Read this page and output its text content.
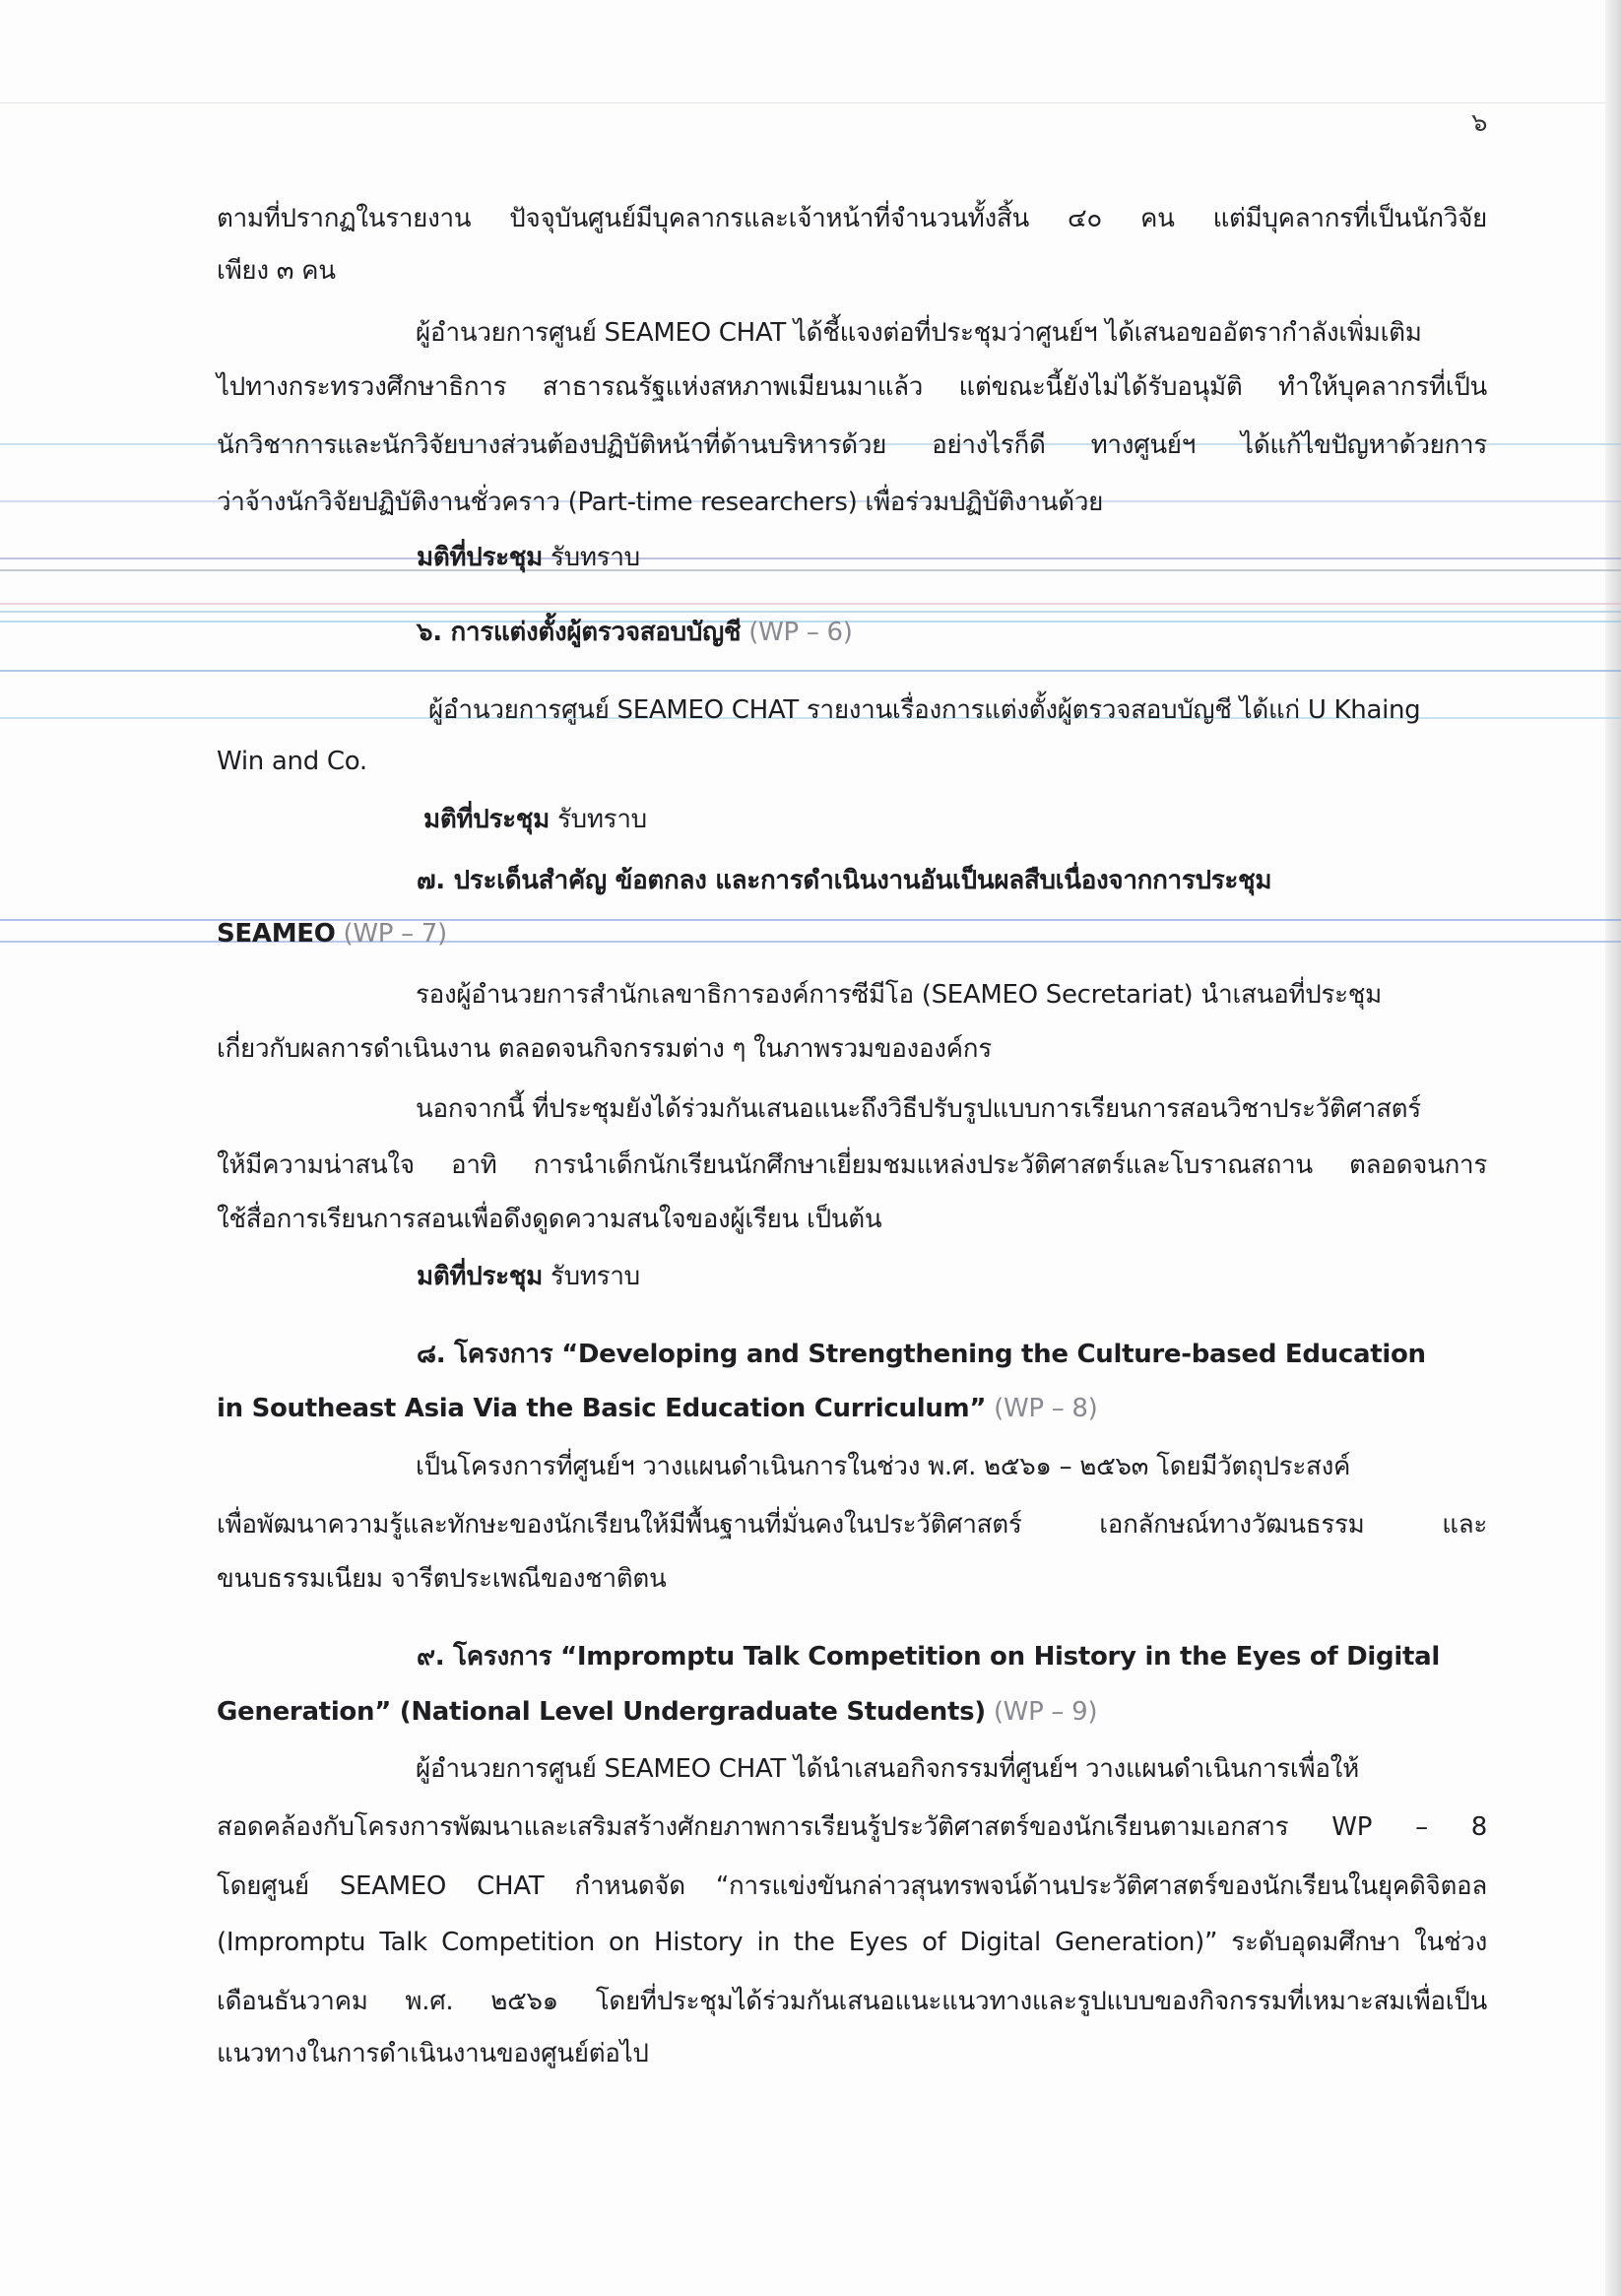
๖
ตามที่ปรากฏในรายงาน ปัจจุบันศูนย์มีบุคลากรและเจ้าหน้าที่จำนวนทั้งสิ้น ๔๐ คน แต่มีบุคลากรที่เป็นนักวิจัย
เพียง ๓ คน
ผู้อำนวยการศูนย์ SEAMEO CHAT ได้ชี้แจงต่อที่ประชุมว่าศูนย์ฯ ได้เสนอขออัตรากำลังเพิ่มเติม
ไปทางกระทรวงศึกษาธิการ สาธารณรัฐแห่งสหภาพเมียนมาแล้ว แต่ขณะนี้ยังไม่ได้รับอนุมัติ ทำให้บุคลากรที่เป็น
นักวิชาการและนักวิจัยบางส่วนต้องปฏิบัติหน้าที่ด้านบริหารด้วย อย่างไรก็ดี ทางศูนย์ฯ ได้แก้ไขปัญหาด้วยการ
ว่าจ้างนักวิจัยปฏิบัติงานชั่วคราว (Part-time researchers) เพื่อร่วมปฏิบัติงานด้วย
มติที่ประชุม รับทราบ
๖. การแต่งตั้งผู้ตรวจสอบบัญชี (WP – 6)
ผู้อำนวยการศูนย์ SEAMEO CHAT รายงานเรื่องการแต่งตั้งผู้ตรวจสอบบัญชี ได้แก่ U Khaing
Win and Co.
มติที่ประชุม รับทราบ
๗. ประเด็นสำคัญ ข้อตกลง และการดำเนินงานอันเป็นผลสืบเนื่องจากการประชุม
SEAMEO (WP – 7)
รองผู้อำนวยการสำนักเลขาธิการองค์การซีมีโอ (SEAMEO Secretariat) นำเสนอที่ประชุม
เกี่ยวกับผลการดำเนินงาน ตลอดจนกิจกรรมต่าง ๆ ในภาพรวมขององค์กร
นอกจากนี้ ที่ประชุมยังได้ร่วมกันเสนอแนะถึงวิธีปรับรูปแบบการเรียนการสอนวิชาประวัติศาสตร์
ให้มีความน่าสนใจ อาทิ การนำเด็กนักเรียนนักศึกษาเยี่ยมชมแหล่งประวัติศาสตร์และโบราณสถาน ตลอดจนการ
ใช้สื่อการเรียนการสอนเพื่อดึงดูดความสนใจของผู้เรียน เป็นต้น
มติที่ประชุม รับทราบ
๘. โครงการ “Developing and Strengthening the Culture-based Education
in Southeast Asia Via the Basic Education Curriculum” (WP – 8)
เป็นโครงการที่ศูนย์ฯ วางแผนดำเนินการในช่วง พ.ศ. ๒๕๖๑ – ๒๕๖๓ โดยมีวัตถุประสงค์
เพื่อพัฒนาความรู้และทักษะของนักเรียนให้มีพื้นฐานที่มั่นคงในประวัติศาสตร์ เอกลักษณ์ทางวัฒนธรรม และ
ขนบธรรมเนียม จารีตประเพณีของชาติตน
๙. โครงการ “Impromptu Talk Competition on History in the Eyes of Digital
Generation” (National Level Undergraduate Students) (WP – 9)
ผู้อำนวยการศูนย์ SEAMEO CHAT ได้นำเสนอกิจกรรมที่ศูนย์ฯ วางแผนดำเนินการเพื่อให้
สอดคล้องกับโครงการพัฒนาและเสริมสร้างศักยภาพการเรียนรู้ประวัติศาสตร์ของนักเรียนตามเอกสาร WP – 8
โดยศูนย์ SEAMEO CHAT กำหนดจัด “การแข่งขันกล่าวสุนทรพจน์ด้านประวัติศาสตร์ของนักเรียนในยุคดิจิตอล
(Impromptu Talk Competition on History in the Eyes of Digital Generation)” ระดับอุดมศึกษา ในช่วง
เดือนธันวาคม พ.ศ. ๒๕๖๑ โดยที่ประชุมได้ร่วมกันเสนอแนะแนวทางและรูปแบบของกิจกรรมที่เหมาะสมเพื่อเป็น
แนวทางในการดำเนินงานของศูนย์ต่อไป
